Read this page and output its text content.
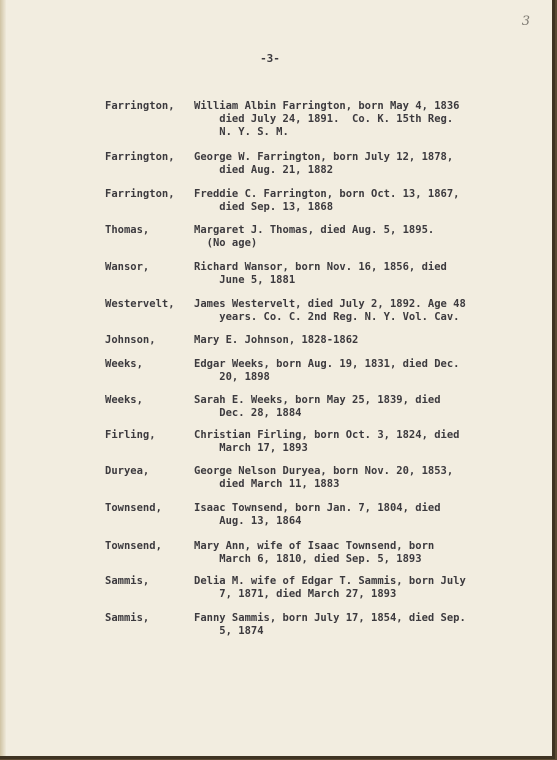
3
-3-
Farrington,	William Albin Farrington, born May 4, 1836
died July 24, 1891.  Co. K. 15th Reg.
N. Y. S. M.
Farrington,	George W. Farrington, born July 12, 1878,
died Aug. 21, 1882
Farrington,	Freddie C. Farrington, born Oct. 13, 1867,
died Sep. 13, 1868
Thomas,	Margaret J. Thomas, died Aug. 5, 1895.
(No age)
Wansor,	Richard Wansor, born Nov. 16, 1856, died
June 5, 1881
Westervelt,	James Westervelt, died July 2, 1892. Age 48
years. Co. C. 2nd Reg. N. Y. Vol. Cav.
Johnson,	Mary E. Johnson, 1828-1862
Weeks,	Edgar Weeks, born Aug. 19, 1831, died Dec.
20, 1898
Weeks,	Sarah E. Weeks, born May 25, 1839, died
Dec. 28, 1884
Firling,	Christian Firling, born Oct. 3, 1824, died
March 17, 1893
Duryea,	George Nelson Duryea, born Nov. 20, 1853,
died March 11, 1883
Townsend,	Isaac Townsend, born Jan. 7, 1804, died
Aug. 13, 1864
Townsend,	Mary Ann, wife of Isaac Townsend, born
March 6, 1810, died Sep. 5, 1893
Sammis,	Delia M. wife of Edgar T. Sammis, born July
7, 1871, died March 27, 1893
Sammis,	Fanny Sammis, born July 17, 1854, died Sep.
5, 1874
